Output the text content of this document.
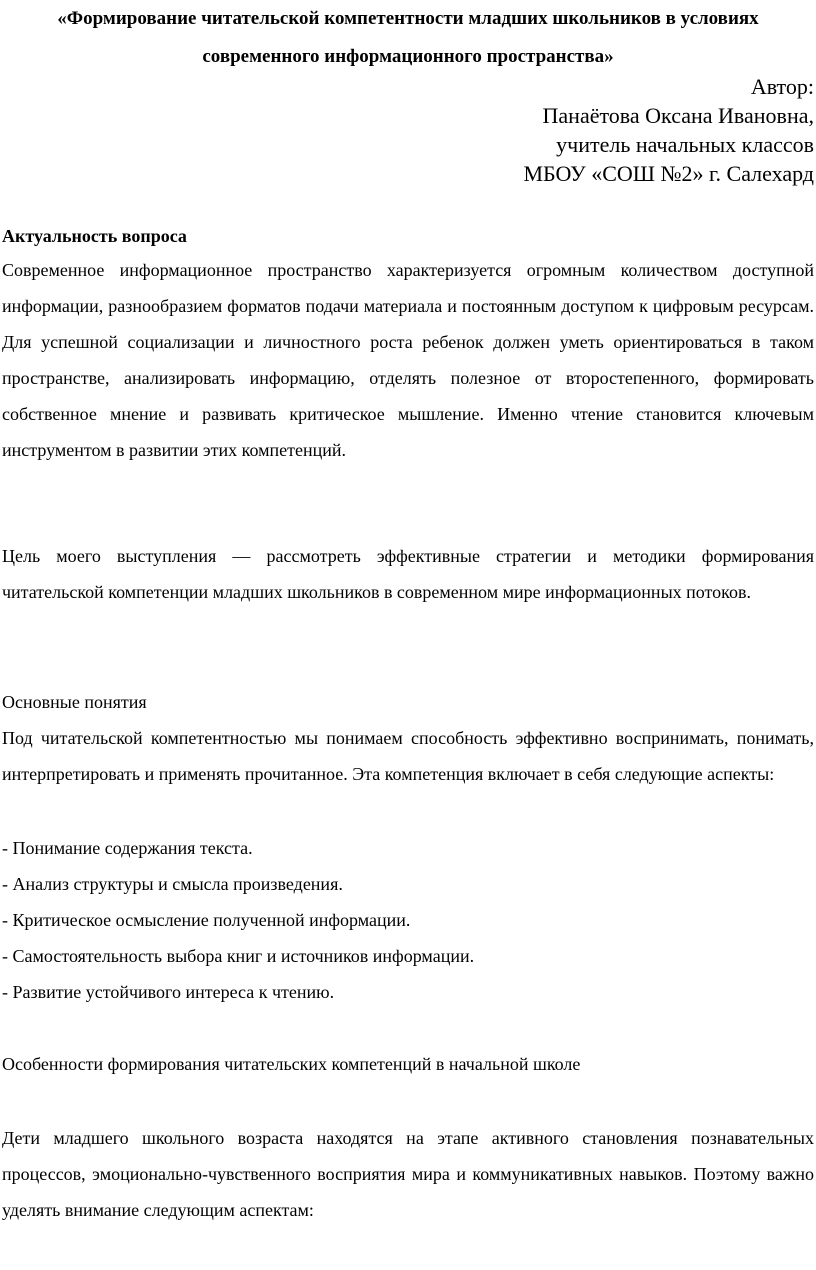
«Формирование читательской компетентности младших школьников в условиях современного информационного пространства»

Автор:
Панаётова Оксана Ивановна,
учитель начальных классов
МБОУ «СОШ №2» г. Салехард

Актуальность вопроса

Современное информационное пространство характеризуется огромным количеством доступной информации, разнообразием форматов подачи материала и постоянным доступом к цифровым ресурсам. Для успешной социализации и личностного роста ребенок должен уметь ориентироваться в таком пространстве, анализировать информацию, отделять полезное от второстепенного, формировать собственное мнение и развивать критическое мышление. Именно чтение становится ключевым инструментом в развитии этих компетенций.

Цель моего выступления — рассмотреть эффективные стратегии и методики формирования читательской компетенции младших школьников в современном мире информационных потоков.

Основные понятия

Под читательской компетентностью мы понимаем способность эффективно воспринимать, понимать, интерпретировать и применять прочитанное. Эта компетенция включает в себя следующие аспекты:

- Понимание содержания текста.

- Анализ структуры и смысла произведения.

- Критическое осмысление полученной информации.

- Самостоятельность выбора книг и источников информации.

- Развитие устойчивого интереса к чтению.

Особенности формирования читательских компетенций в начальной школе

Дети младшего школьного возраста находятся на этапе активного становления познавательных процессов, эмоционально-чувственного восприятия мира и коммуникативных навыков. Поэтому важно уделять внимание следующим аспектам:
